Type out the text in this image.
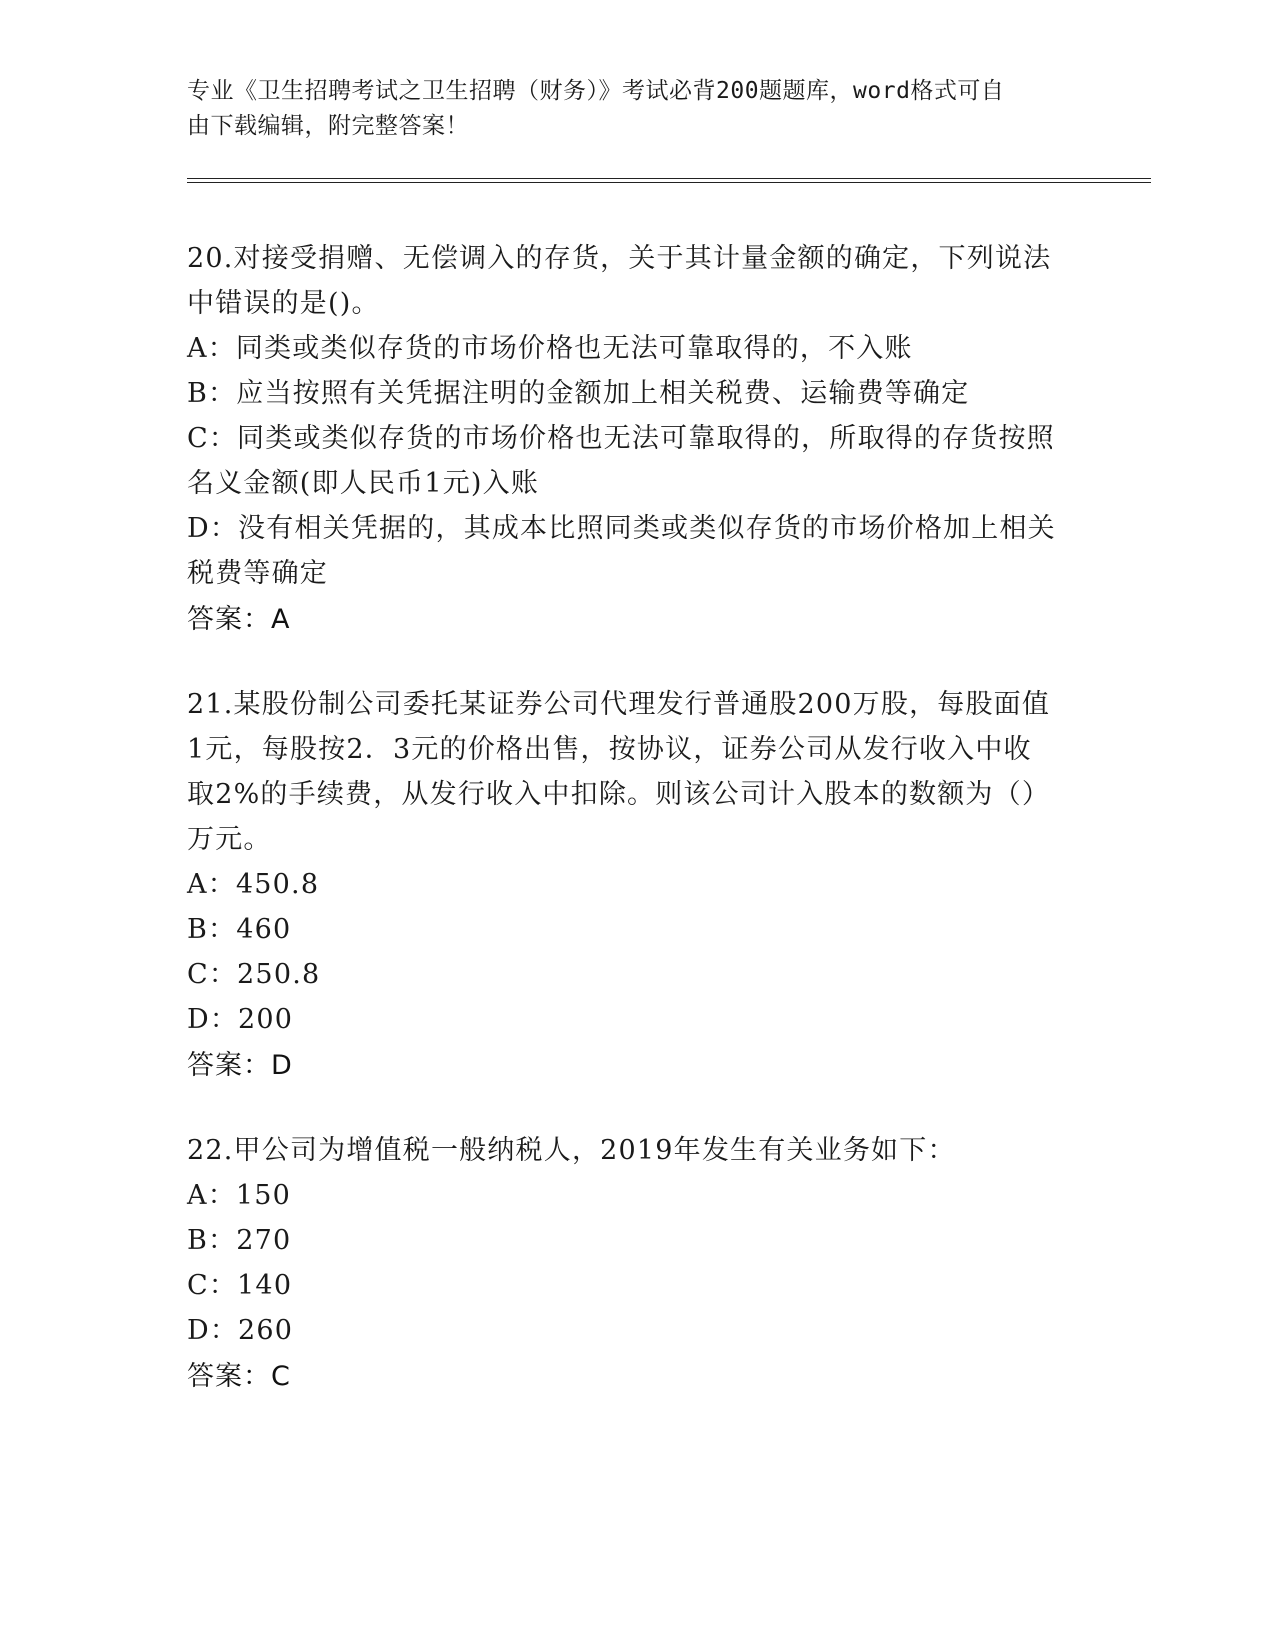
专业《卫生招聘考试之卫生招聘（财务）》考试必背200题题库，word格式可自
由下载编辑，附完整答案！
20.对接受捐赠、无偿调入的存货，关于其计量金额的确定，下列说法
中错误的是()。
A：同类或类似存货的市场价格也无法可靠取得的，不入账
B：应当按照有关凭据注明的金额加上相关税费、运输费等确定
C：同类或类似存货的市场价格也无法可靠取得的，所取得的存货按照
名义金额(即人民币1元)入账
D：没有相关凭据的，其成本比照同类或类似存货的市场价格加上相关
税费等确定
答案：A
21.某股份制公司委托某证券公司代理发行普通股200万股，每股面值
1元，每股按2．3元的价格出售，按协议，证券公司从发行收入中收
取2%的手续费，从发行收入中扣除。则该公司计入股本的数额为（）
万元。
A：450.8
B：460
C：250.8
D：200
答案：D
22.甲公司为增值税一般纳税人，2019年发生有关业务如下：
A：150
B：270
C：140
D：260
答案：C
